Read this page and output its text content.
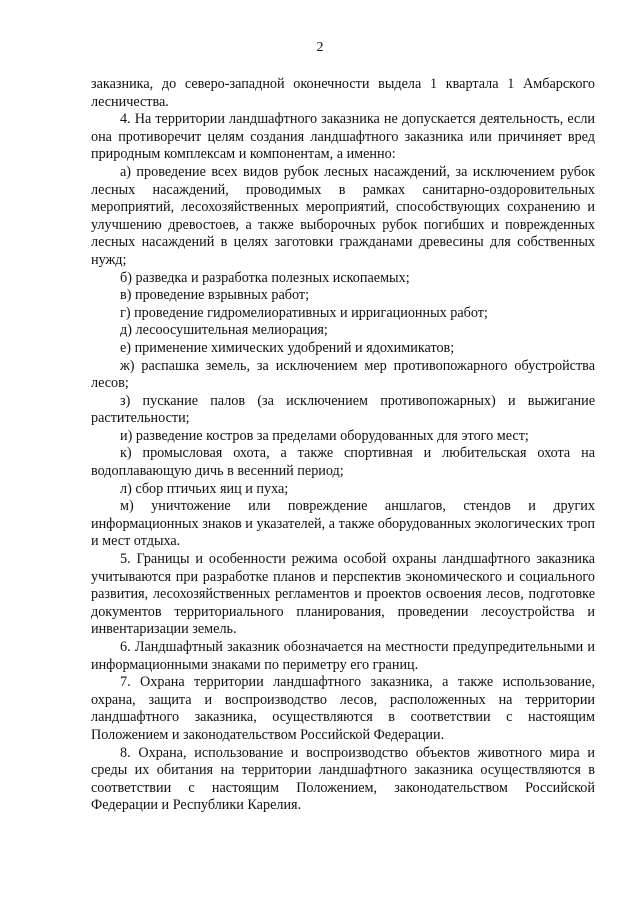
2

заказника, до северо-западной оконечности выдела 1 квартала 1 Амбарского лесничества.

4. На территории ландшафтного заказника не допускается деятельность, если она противоречит целям создания ландшафтного заказника или причиняет вред природным комплексам и компонентам, а именно:

а) проведение всех видов рубок лесных насаждений, за исключением рубок лесных насаждений, проводимых в рамках санитарно-оздоровительных мероприятий, лесохозяйственных мероприятий, способствующих сохранению и улучшению древостоев, а также выборочных рубок погибших и поврежденных лесных насаждений в целях заготовки гражданами древесины для собственных нужд;

б) разведка и разработка полезных ископаемых;

в) проведение взрывных работ;

г) проведение гидромелиоративных и ирригационных работ;

д) лесоосушительная мелиорация;

е) применение химических удобрений и ядохимикатов;

ж) распашка земель, за исключением мер противопожарного обустройства лесов;

з) пускание палов (за исключением противопожарных) и выжигание растительности;

и) разведение костров за пределами оборудованных для этого мест;

к) промысловая охота, а также спортивная и любительская охота на водоплавающую дичь в весенний период;

л) сбор птичьих яиц и пуха;

м) уничтожение или повреждение аншлагов, стендов и других информационных знаков и указателей, а также оборудованных экологических троп и мест отдыха.

5. Границы и особенности режима особой охраны ландшафтного заказника учитываются при разработке планов и перспектив экономического и социального развития, лесохозяйственных регламентов и проектов освоения лесов, подготовке документов территориального планирования, проведении лесоустройства и инвентаризации земель.

6. Ландшафтный заказник обозначается на местности предупредительными и информационными знаками по периметру его границ.

7. Охрана территории ландшафтного заказника, а также использование, охрана, защита и воспроизводство лесов, расположенных на территории ландшафтного заказника, осуществляются в соответствии с настоящим Положением и законодательством Российской Федерации.

8. Охрана, использование и воспроизводство объектов животного мира и среды их обитания на территории ландшафтного заказника осуществляются в соответствии с настоящим Положением, законодательством Российской Федерации и Республики Карелия.
